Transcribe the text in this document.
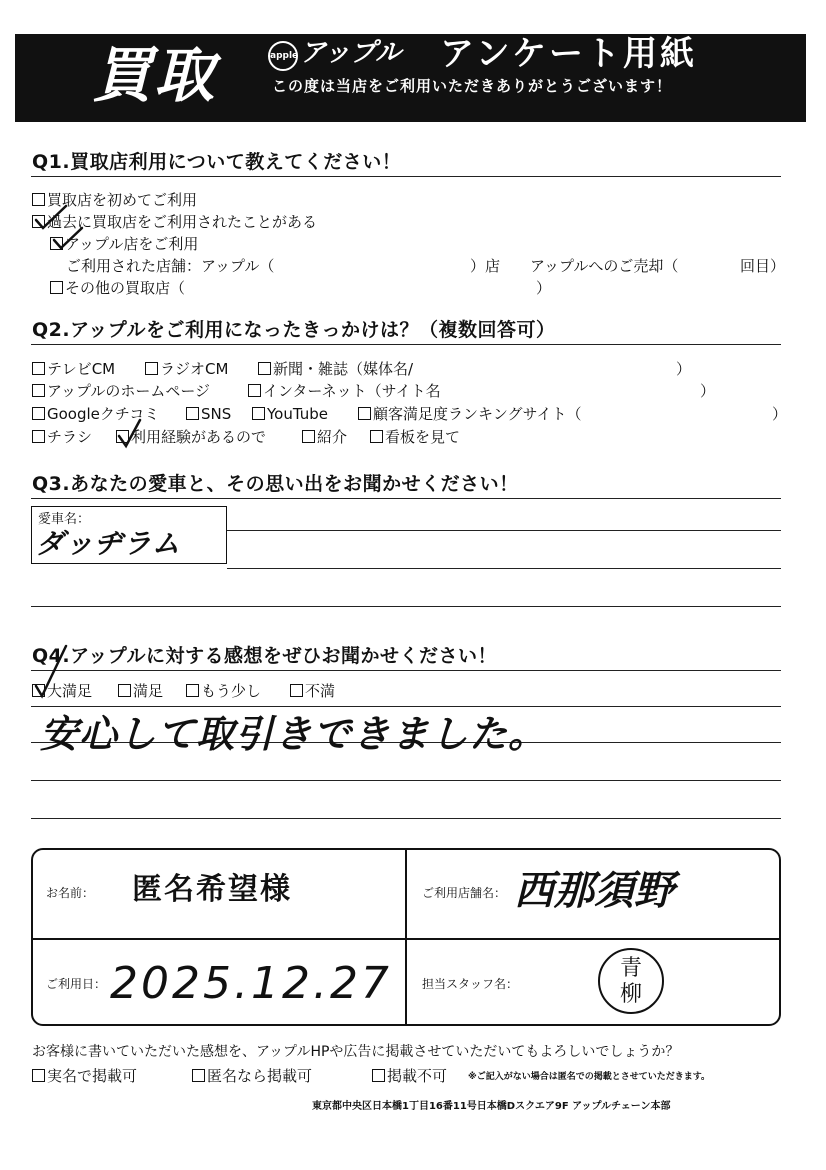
買取	apple アップル アンケート用紙
この度は当店をご利用いただきありがとうございます！
Q1.買取店利用について教えてください！
買取店を初めてご利用
過去に買取店をご利用されたことがある
アップル店をご利用
ご利用された店舗：アップル（	）店 アップルへのご売却（	回目）
その他の買取店（	）
Q2.アップルをご利用になったきっかけは？（複数回答可）
テレビCM	ラジオCM	新聞・雑誌（媒体名/	）
アップルのホームページ	インターネット（サイト名	）
Googleクチコミ	SNS	YouTube	顧客満足度ランキングサイト（	）
チラシ	利用経験があるので	紹介	看板を見て
Q3.あなたの愛車と、その思い出をお聞かせください！
愛車名：
ダッヂラム
Q4.アップルに対する感想をぜひお聞かせください！
大満足	満足	もう少し	不満
安心して取引きできました。
お名前： 匿名希望様	ご利用店舗名： 西那須野
ご利用日： 2025.12.27	担当スタッフ名：
青
柳
お客様に書いていただいた感想を、アップルHPや広告に掲載させていただいてもよろしいでしょうか？
実名で掲載可	匿名なら掲載可	掲載不可 ※ご記入がない場合は匿名での掲載とさせていただきます。
東京都中央区日本橋1丁目16番11号日本橋Dスクエア9F アップルチェーン本部
